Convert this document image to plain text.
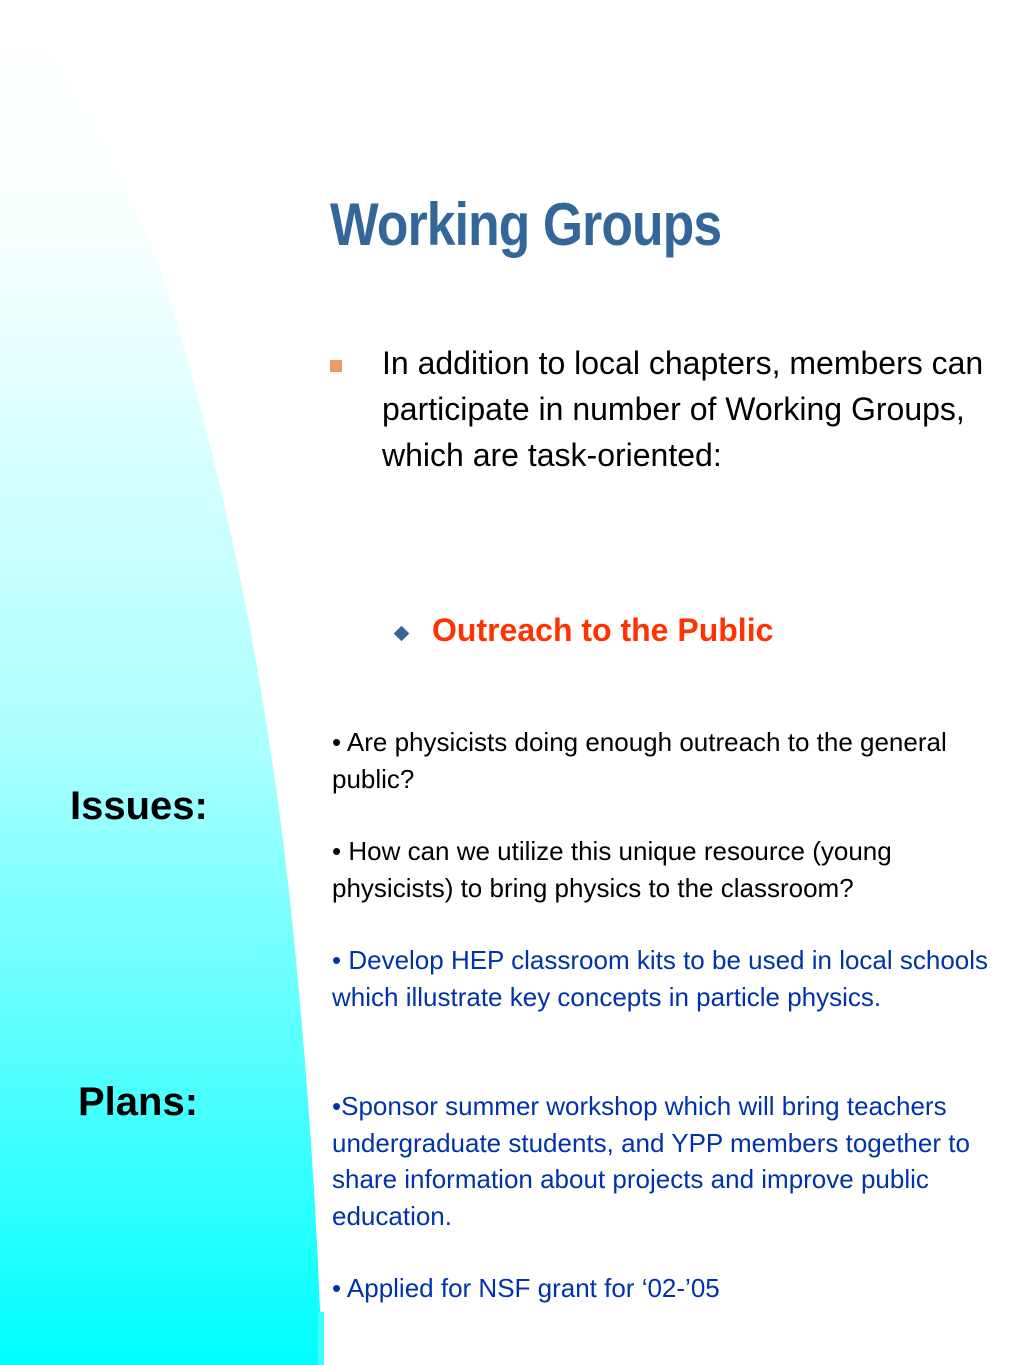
Working Groups
In addition to local chapters, members can participate in number of Working Groups, which are task-oriented:
Outreach to the Public
Issues:
Plans:
• Are physicists doing enough outreach to the general public?
• How can we utilize this unique resource (young physicists) to bring physics to the classroom?
• Develop HEP classroom kits to be used in local schools which illustrate key concepts in particle physics.
•Sponsor summer workshop which will bring teachers undergraduate students, and YPP members together to share information about projects and improve public education.
• Applied for NSF grant for ‘02-’05
